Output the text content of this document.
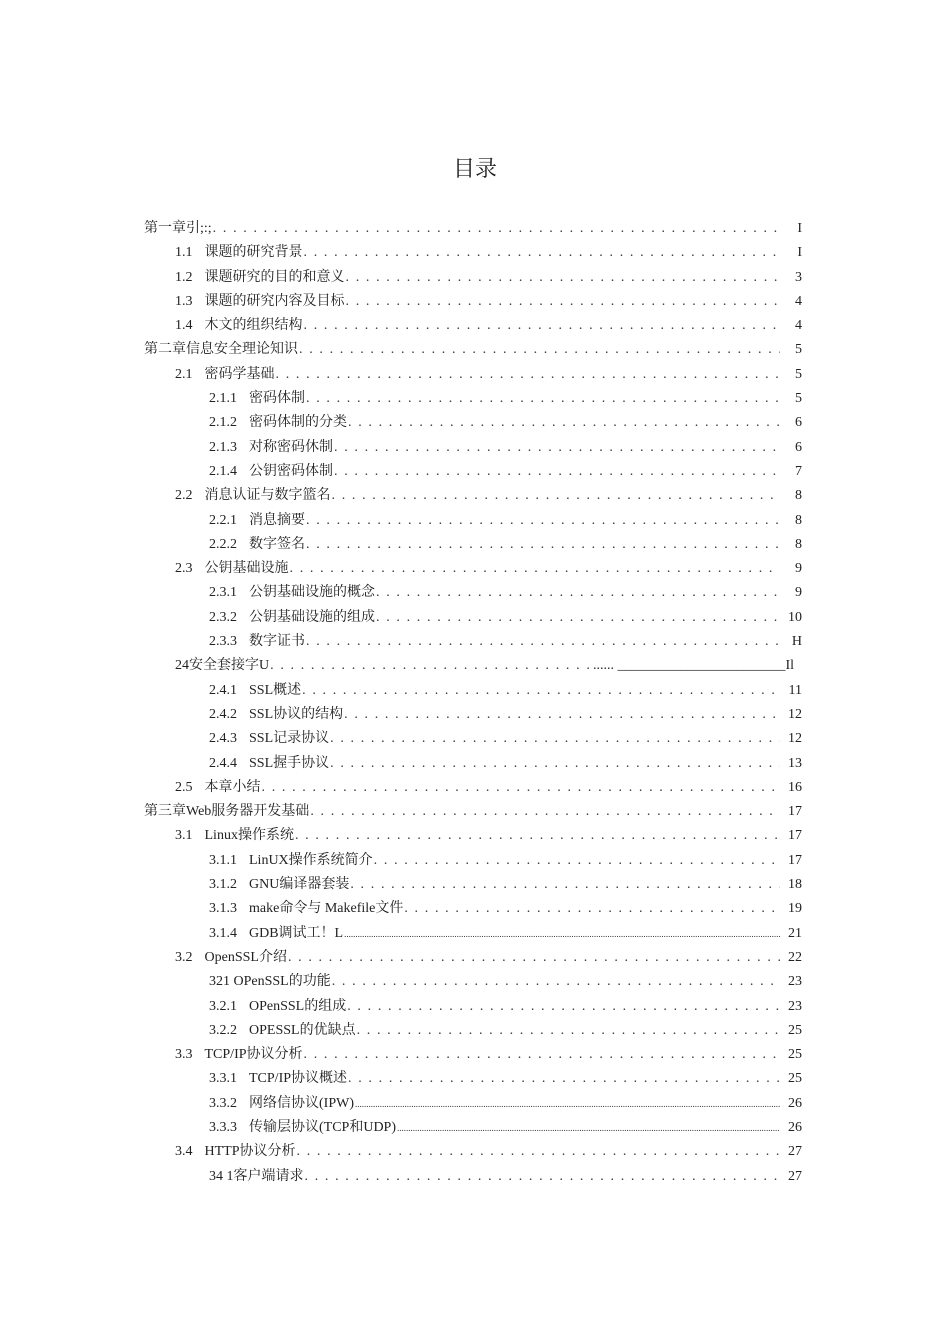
目录
第一章引;:; . . .	I
1.1 课题的研究背景 . . .	I
1.2 课题研究的目的和意义 . . .	3
1.3 课题的研究内容及目标 . . .	4
1.4 木文的组织结构 . . .	4
第二章信息安全理论知识 . . .	5
2.1 密码学基础 . . .	5
2.1.1 密码体制 . . .	5
2.1.2 密码体制的分类 . . .	6
2.1.3 对称密码休制 . . .	6
2.1.4 公钥密码体制 . . .	7
2.2 消息认证与数字篮名 . . .	8
2.2.1 消息摘要 . . .	8
2.2.2 数字签名 . . .	8
2.3 公钥基础设施 . . .	9
2.3.1 公钥基础设施的概念 . . .	9
2.3.2 公钥基础设施的组成 . . .	10
2.3.3 数字证书 . . .	H
24安全套接字U . . .	...... ________________________ Il
2.4.1 SSL概述 . . .	11
2.4.2 SSL协议的结构 . . .	12
2.4.3 SSL记录协议 . . .	12
2.4.4 SSL握手协议 . . .	13
2.5 本章小结 . . .	16
第三章Web服务器开发基础 . . .	17
3.1 Linux操作系统 . . .	17
3.1.1 LinUX操作系统简介 . . .	17
3.1.2 GNU编译器套装 . . .	18
3.1.3 make命令与 Makefile文件 . . .	19
3.1.4 GDB调试工！L .....	21
3.2 OpenSSL介绍 . . .	22
321 OPenSSL的功能 . . .	23
3.2.1 OPenSSL的组成 . . .	23
3.2.2 OPESSL的优缺点 . . .	25
3.3 TCP/IP协议分析 . . .	25
3.3.1 TCP/IP协议概述 . . .	25
3.3.2 网络信协议(IPW) .....	26
3.3.3 传输层协议(TCP和UDP) .....	26
3.4 HTTP协议分析 . . .	27
34 1客户端请求 . . .	27
